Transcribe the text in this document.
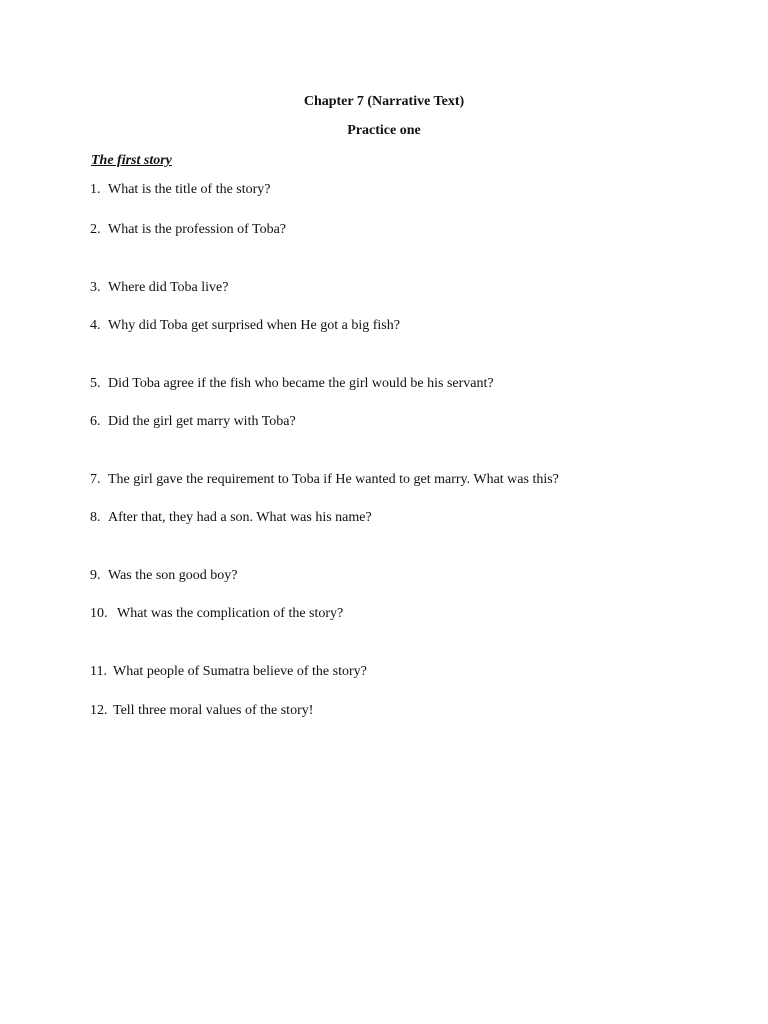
Chapter 7 (Narrative Text)
Practice one
The first story
1. What is the title of the story?
2. What is the profession of Toba?
3. Where did Toba live?
4. Why did Toba get surprised when He got a big fish?
5. Did Toba agree if the fish who became the girl would be his servant?
6. Did the girl get marry with Toba?
7. The girl gave the requirement to Toba if He wanted to get marry. What was this?
8. After that, they had a son. What was his name?
9. Was the son good boy?
10. What was the complication of the story?
11. What people of Sumatra believe of the story?
12. Tell three moral values of the story!
